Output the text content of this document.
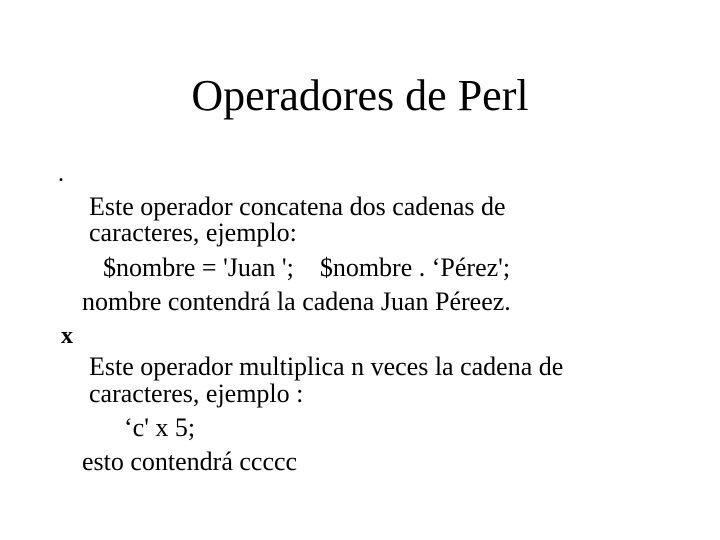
Operadores de Perl
.
Este operador concatena dos cadenas de
caracteres, ejemplo:
$nombre = 'Juan ';    $nombre . ‘Pérez';
nombre contendrá la cadena Juan Péreez.
x
Este operador multiplica n veces la cadena de
caracteres, ejemplo :
‘c' x 5;
esto contendrá ccccc
